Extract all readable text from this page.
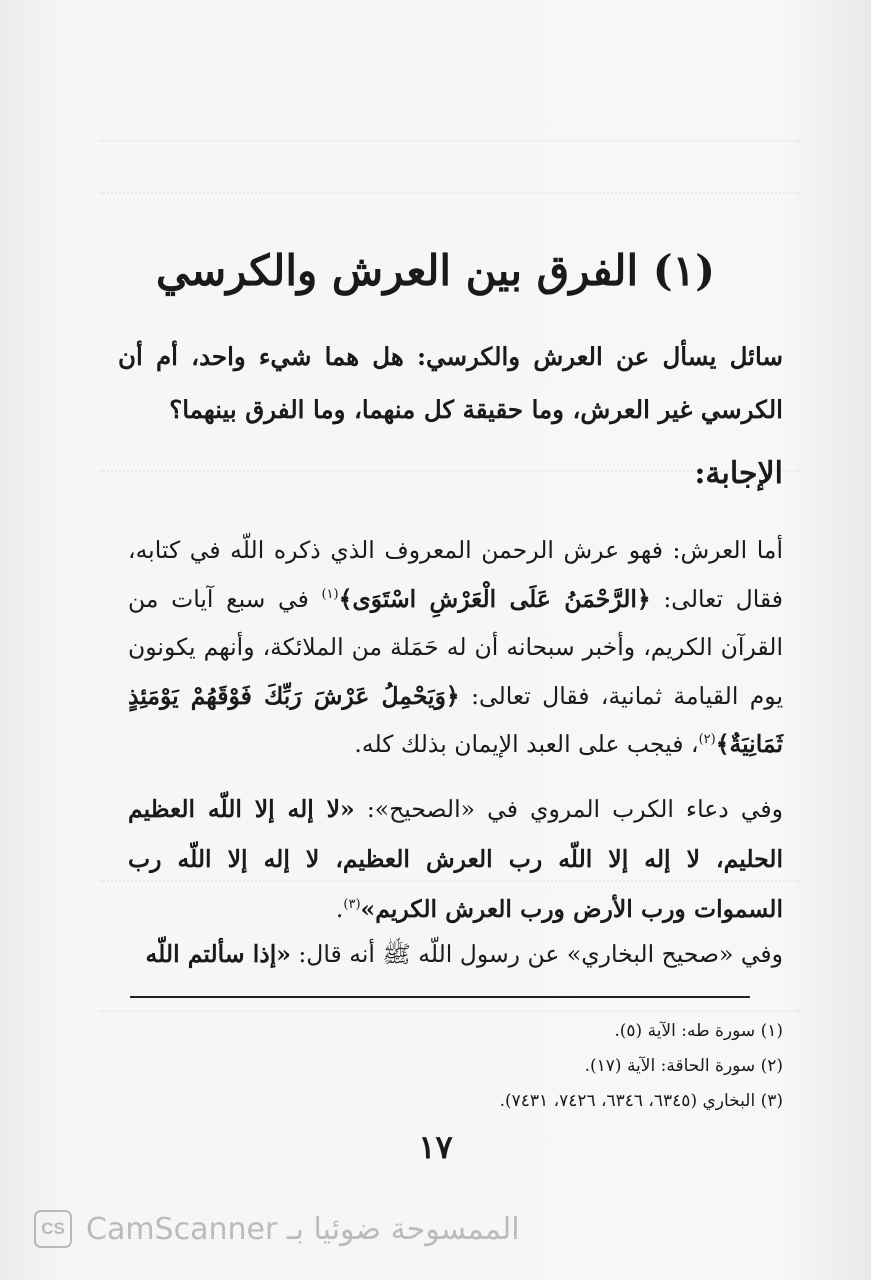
(١) الفرق بين العرش والكرسي

سائل يسأل عن العرش والكرسي: هل هما شيء واحد، أم أن الكرسي غير العرش، وما حقيقة كل منهما، وما الفرق بينهما؟

الإجابة:

أما العرش: فهو عرش الرحمن المعروف الذي ذكره اللّه في كتابه، فقال تعالى: ﴿الرَّحْمَنُ عَلَى الْعَرْشِ اسْتَوَى﴾$^{(١)}$ في سبع آيات من القرآن الكريم، وأخبر سبحانه أن له حَمَلة من الملائكة، وأنهم يكونون يوم القيامة ثمانية، فقال تعالى: ﴿وَيَحْمِلُ عَرْشَ رَبِّكَ فَوْقَهُمْ يَوْمَئِذٍ ثَمَانِيَةٌ﴾$^{(٢)}$، فيجب على العبد الإيمان بذلك كله.

وفي دعاء الكرب المروي في «الصحيح»: «لا إله إلا اللّه العظيم الحليم، لا إله إلا اللّه رب العرش العظيم، لا إله إلا اللّه رب السموات ورب الأرض ورب العرش الكريم»$^{(٣)}$.

وفي «صحيح البخاري» عن رسول اللّه ﷺ أنه قال: «إذا سألتم اللّه

(١) سورة طه: الآية (٥).
(٢) سورة الحاقة: الآية (١٧).
(٣) البخاري (٦٣٤٥، ٦٣٤٦، ٧٤٢٦، ٧٤٣١).
١٧
CS CamScanner الممسوحة ضوئيا بـ
